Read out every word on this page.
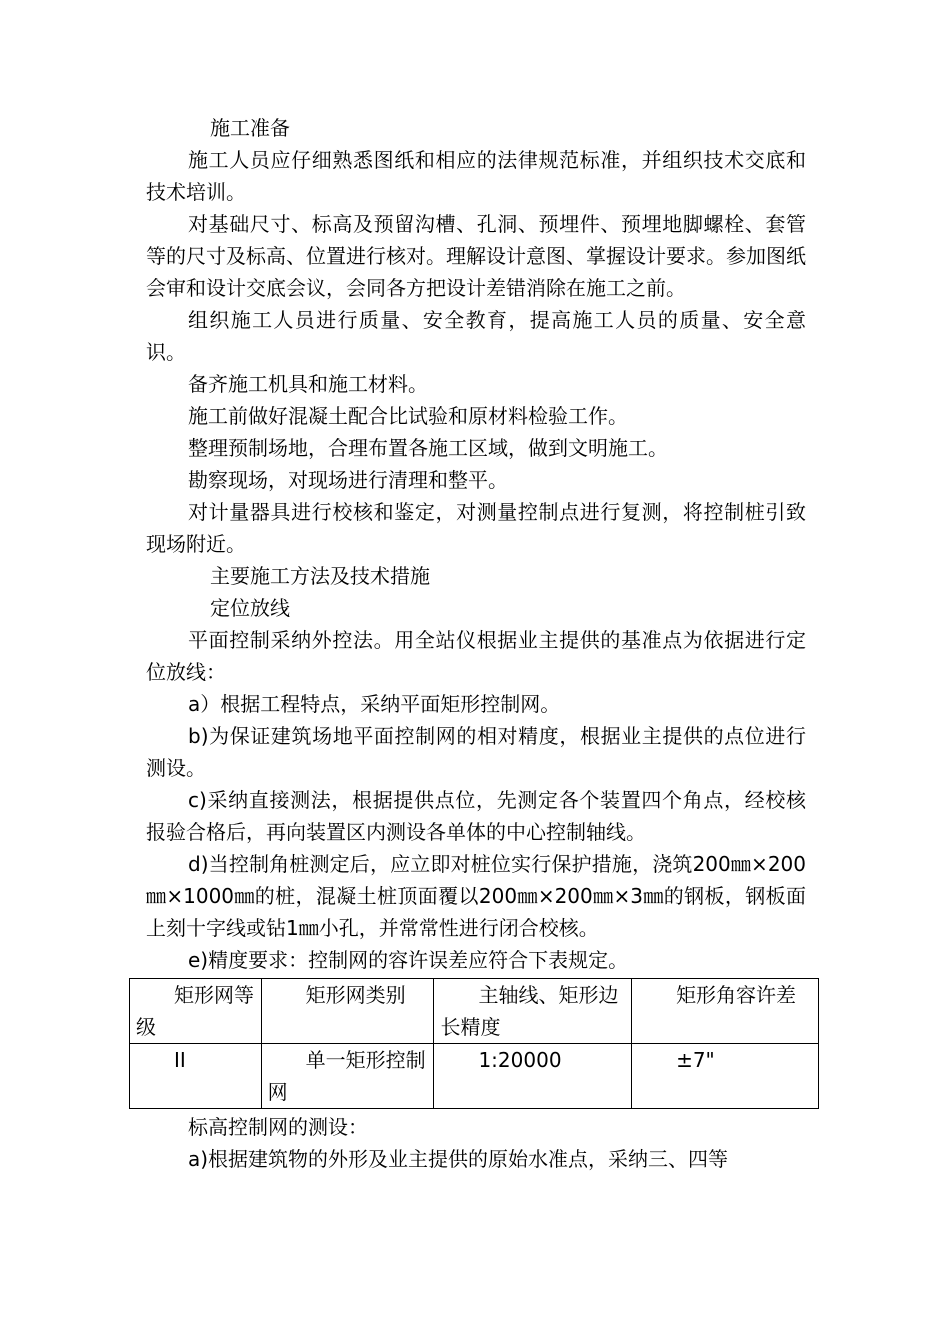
施工准备

施工人员应仔细熟悉图纸和相应的法律规范标准，并组织技术交底和技术培训。

对基础尺寸、标高及预留沟槽、孔洞、预埋件、预埋地脚螺栓、套管等的尺寸及标高、位置进行核对。理解设计意图、掌握设计要求。参加图纸会审和设计交底会议，会同各方把设计差错消除在施工之前。

组织施工人员进行质量、安全教育，提高施工人员的质量、安全意识。

备齐施工机具和施工材料。

施工前做好混凝土配合比试验和原材料检验工作。

整理预制场地，合理布置各施工区域，做到文明施工。

勘察现场，对现场进行清理和整平。

对计量器具进行校核和鉴定，对测量控制点进行复测，将控制桩引致现场附近。

主要施工方法及技术措施

定位放线

平面控制采纳外控法。用全站仪根据业主提供的基准点为依据进行定位放线：

a）根据工程特点，采纳平面矩形控制网。

b)为保证建筑场地平面控制网的相对精度，根据业主提供的点位进行测设。

c)采纳直接测法，根据提供点位，先测定各个装置四个角点，经校核报验合格后，再向装置区内测设各单体的中心控制轴线。

d)当控制角桩测定后，应立即对桩位实行保护措施，浇筑200㎜×200㎜×1000㎜的桩，混凝土桩顶面覆以200㎜×200㎜×3㎜的钢板，钢板面上刻十字线或钻1㎜小孔，并常常性进行闭合校核。

e)精度要求：控制网的容许误差应符合下表规定。

矩形网等级	矩形网类别	主轴线、矩形边长精度	矩形角容许差

II	单一矩形控制网	1:20000	±7"

标高控制网的测设：

a)根据建筑物的外形及业主提供的原始水准点，采纳三、四等
